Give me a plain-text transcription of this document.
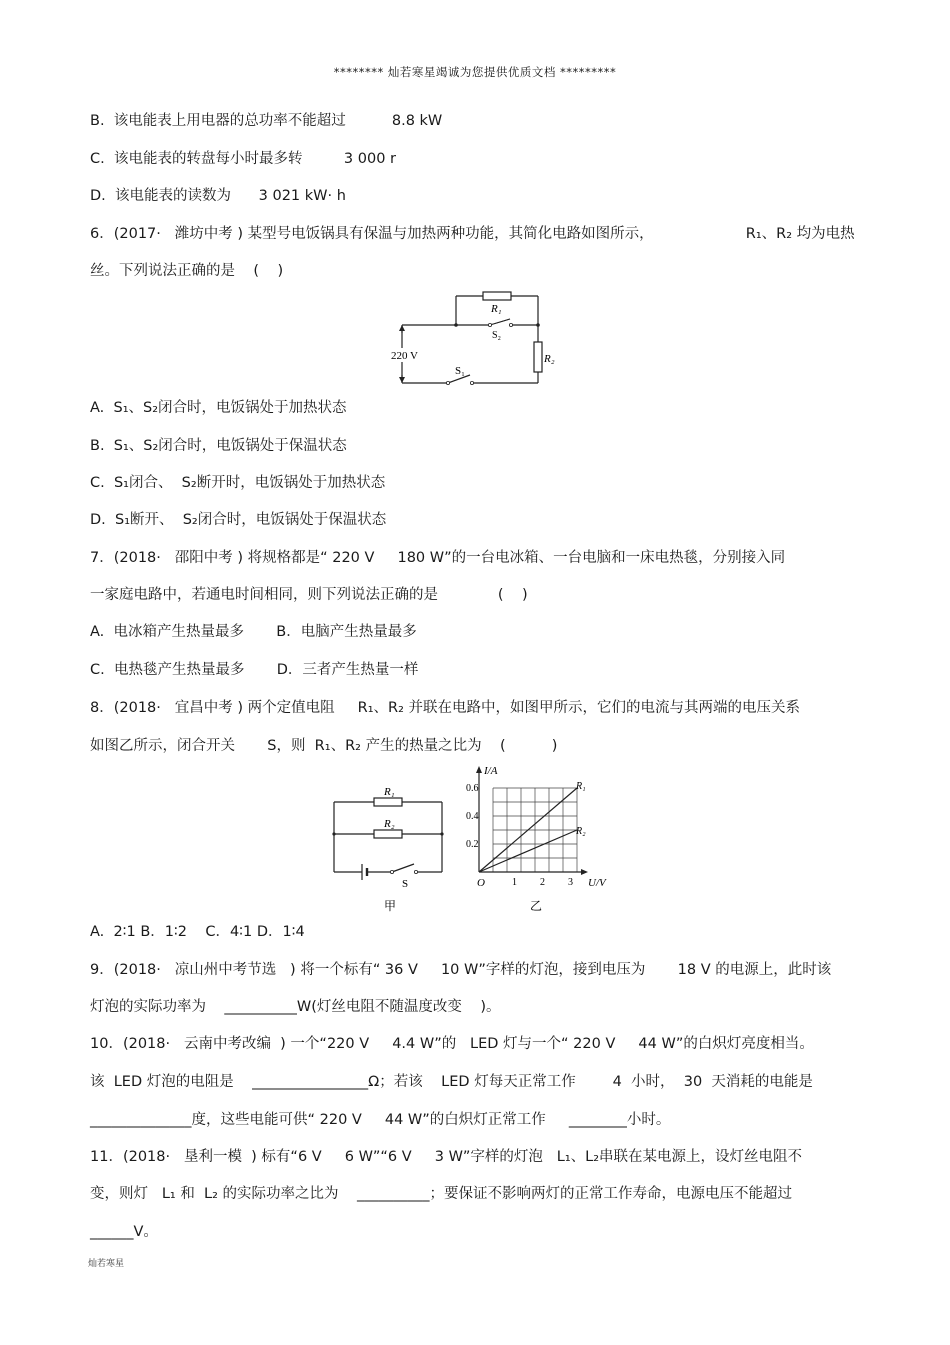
******** 灿若寒星竭诚为您提供优质文档 *********
B.  该电能表上用电器的总功率不能超过          8.8 kW
C.  该电能表的转盘每小时最多转         3 000 r
D.  该电能表的读数为      3 021 kW· h
6．(2017·   潍坊中考 ) 某型号电饭锅具有保温与加热两种功能，其简化电路如图所示，                    R₁、R₂ 均为电热
丝。下列说法正确的是    (    )
R₁
S₂
R₂
220 V
S₁
A.  S₁、S₂闭合时，电饭锅处于加热状态
B.  S₁、S₂闭合时，电饭锅处于保温状态
C.  S₁闭合、  S₂断开时，电饭锅处于加热状态
D.  S₁断开、  S₂闭合时，电饭锅处于保温状态
7．(2018·   邵阳中考 ) 将规格都是“ 220 V     180 W”的一台电冰箱、一台电脑和一床电热毯，分别接入同
一家庭电路中，若通电时间相同，则下列说法正确的是             (    )
A.  电冰箱产生热量最多       B．电脑产生热量最多
C.  电热毯产生热量最多       D．三者产生热量一样
8．(2018·   宜昌中考 ) 两个定值电阻     R₁、R₂ 并联在电路中，如图甲所示，它们的电流与其两端的电压关系
如图乙所示，闭合开关       S，则  R₁、R₂ 产生的热量之比为    (          )
R₁
R₂
S
甲
I/A
U/V
O
0.6
0.4
0.2
1 2 3
R₁
R₂
乙
A.  2∶1 B．1∶2    C．4∶1 D．1∶4
9．(2018·   凉山州中考节选   ) 将一个标有“ 36 V     10 W”字样的灯泡，接到电压为       18 V 的电源上，此时该
灯泡的实际功率为    __________W(灯丝电阻不随温度改变    )。
10．(2018·   云南中考改编  ) 一个“220 V     4.4 W”的   LED 灯与一个“ 220 V     44 W”的白炽灯亮度相当。
该  LED 灯泡的电阻是    ________________Ω；若该    LED 灯每天正常工作        4  小时，  30  天消耗的电能是
______________度，这些电能可供“ 220 V     44 W”的白炽灯正常工作     ________小时。
11．(2018·   垦利一模  ) 标有“6 V     6 W”“6 V     3 W”字样的灯泡   L₁、L₂串联在某电源上，设灯丝电阻不
变，则灯   L₁ 和  L₂ 的实际功率之比为    __________；要保证不影响两灯的正常工作寿命，电源电压不能超过
______V。
灿若寒星
